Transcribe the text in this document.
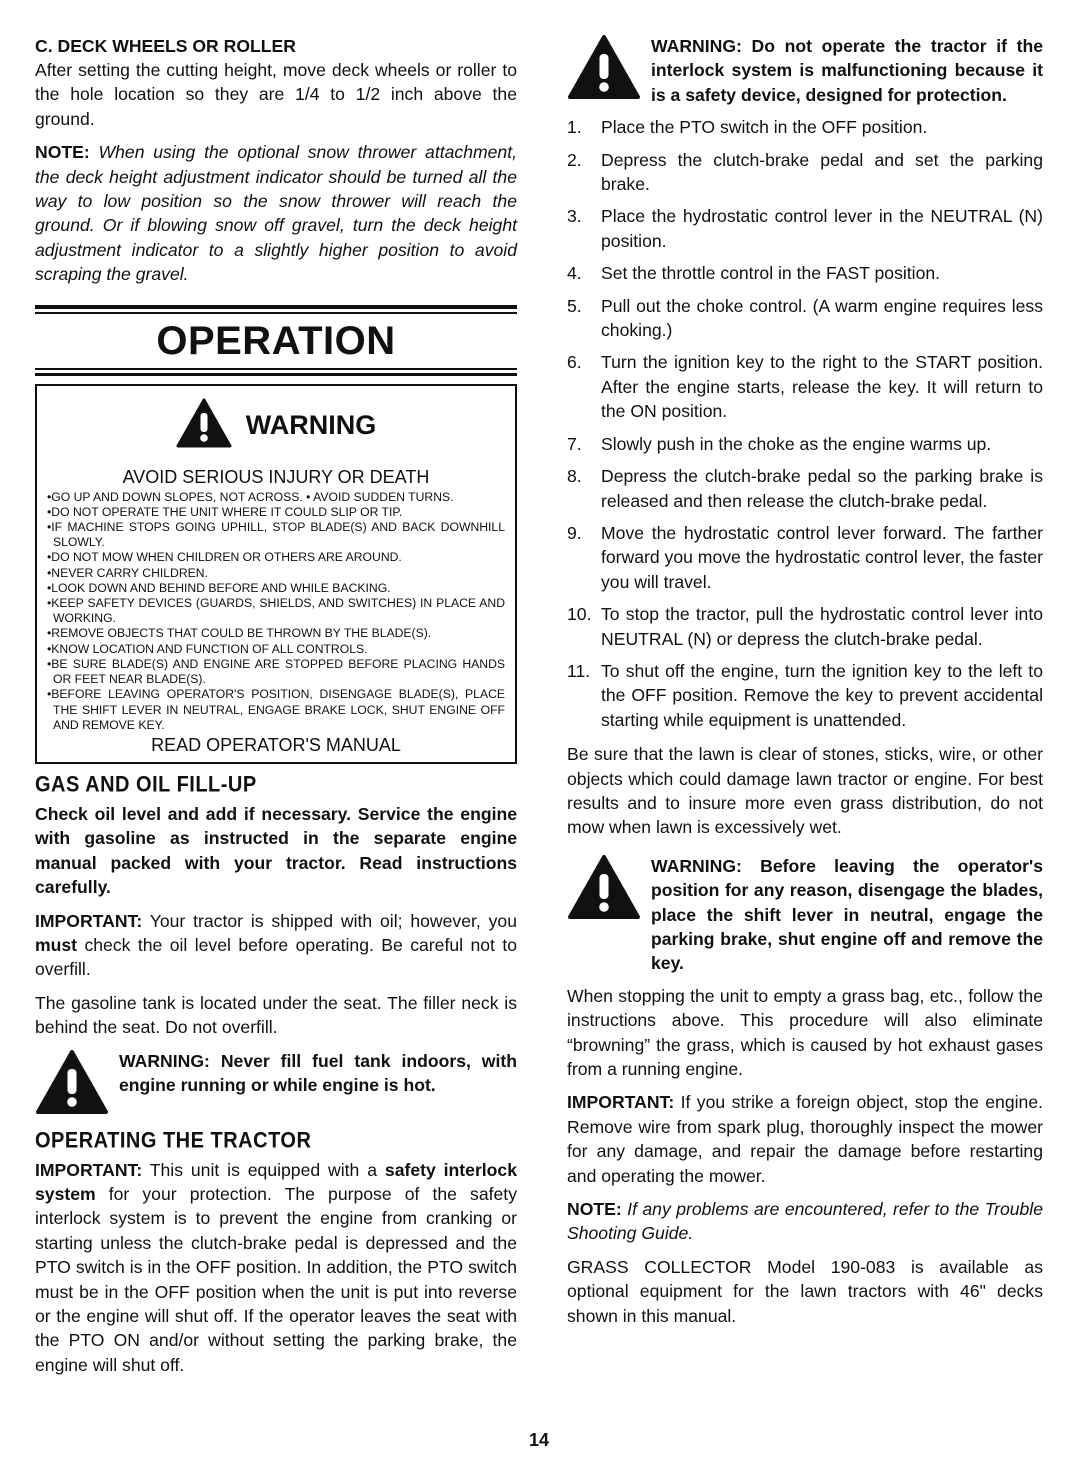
C. DECK WHEELS OR ROLLER

After setting the cutting height, move deck wheels or roller to the hole location so they are 1/4 to 1/2 inch above the ground.

NOTE: When using the optional snow thrower attachment, the deck height adjustment indicator should be turned all the way to low position so the snow thrower will reach the ground. Or if blowing snow off gravel, turn the deck height adjustment indicator to a slightly higher position to avoid scraping the gravel.

OPERATION
WARNING
AVOID SERIOUS INJURY OR DEATH
• GO UP AND DOWN SLOPES, NOT ACROSS. • AVOID SUDDEN TURNS.
• DO NOT OPERATE THE UNIT WHERE IT COULD SLIP OR TIP.
• IF MACHINE STOPS GOING UPHILL, STOP BLADE(S) AND BACK DOWNHILL SLOWLY.
• DO NOT MOW WHEN CHILDREN OR OTHERS ARE AROUND.
• NEVER CARRY CHILDREN.
• LOOK DOWN AND BEHIND BEFORE AND WHILE BACKING.
• KEEP SAFETY DEVICES (GUARDS, SHIELDS, AND SWITCHES) IN PLACE AND WORKING.
• REMOVE OBJECTS THAT COULD BE THROWN BY THE BLADE(S).
• KNOW LOCATION AND FUNCTION OF ALL CONTROLS.
• BE SURE BLADE(S) AND ENGINE ARE STOPPED BEFORE PLACING HANDS OR FEET NEAR BLADE(S).
• BEFORE LEAVING OPERATOR'S POSITION, DISENGAGE BLADE(S), PLACE THE SHIFT LEVER IN NEUTRAL, ENGAGE BRAKE LOCK, SHUT ENGINE OFF AND REMOVE KEY.
READ OPERATOR'S MANUAL
GAS AND OIL FILL-UP

Check oil level and add if necessary. Service the engine with gasoline as instructed in the separate engine manual packed with your tractor. Read instructions carefully.

IMPORTANT: Your tractor is shipped with oil; however, you must check the oil level before operating. Be careful not to overfill.

The gasoline tank is located under the seat. The filler neck is behind the seat. Do not overfill.

WARNING: Never fill fuel tank indoors, with engine running or while engine is hot.

OPERATING THE TRACTOR

IMPORTANT: This unit is equipped with a safety interlock system for your protection. The purpose of the safety interlock system is to prevent the engine from cranking or starting unless the clutch-brake pedal is depressed and the PTO switch is in the OFF position. In addition, the PTO switch must be in the OFF position when the unit is put into reverse or the engine will shut off. If the operator leaves the seat with the PTO ON and/or without setting the parking brake, the engine will shut off.

WARNING: Do not operate the tractor if the interlock system is malfunctioning because it is a safety device, designed for protection.

1.	Place the PTO switch in the OFF position.
2.	Depress the clutch-brake pedal and set the parking brake.
3.	Place the hydrostatic control lever in the NEUTRAL (N) position.
4.	Set the throttle control in the FAST position.
5.	Pull out the choke control. (A warm engine requires less choking.)
6.	Turn the ignition key to the right to the START position. After the engine starts, release the key. It will return to the ON position.
7.	Slowly push in the choke as the engine warms up.
8.	Depress the clutch-brake pedal so the parking brake is released and then release the clutch-brake pedal.
9.	Move the hydrostatic control lever forward. The farther forward you move the hydrostatic control lever, the faster you will travel.
10. To stop the tractor, pull the hydrostatic control lever into NEUTRAL (N) or depress the clutch-brake pedal.
11. To shut off the engine, turn the ignition key to the left to the OFF position. Remove the key to prevent accidental starting while equipment is unattended.

Be sure that the lawn is clear of stones, sticks, wire, or other objects which could damage lawn tractor or engine. For best results and to insure more even grass distribution, do not mow when lawn is excessively wet.

WARNING: Before leaving the operator's position for any reason, disengage the blades, place the shift lever in neutral, engage the parking brake, shut engine off and remove the key.

When stopping the unit to empty a grass bag, etc., follow the instructions above. This procedure will also eliminate “browning” the grass, which is caused by hot exhaust gases from a running engine.

IMPORTANT: If you strike a foreign object, stop the engine. Remove wire from spark plug, thoroughly inspect the mower for any damage, and repair the damage before restarting and operating the mower.

NOTE: If any problems are encountered, refer to the Trouble Shooting Guide.

GRASS COLLECTOR Model 190-083 is available as optional equipment for the lawn tractors with 46" decks shown in this manual.

14
